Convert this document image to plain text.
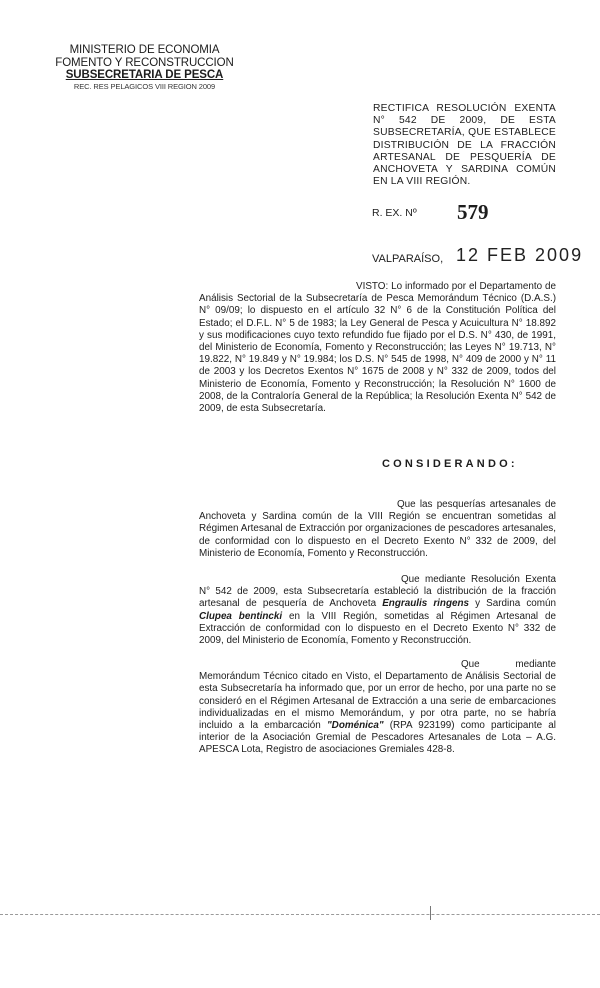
MINISTERIO DE ECONOMIA
FOMENTO Y RECONSTRUCCION
SUBSECRETARIA DE PESCA
REC. RES PELAGICOS VIII REGION 2009
RECTIFICA RESOLUCIÓN EXENTA N° 542 DE 2009, DE ESTA SUBSECRETARÍA, QUE ESTABLECE DISTRIBUCIÓN DE LA FRACCIÓN ARTESANAL DE PESQUERÍA DE ANCHOVETA Y SARDINA COMÚN EN LA VIII REGIÓN.
R. EX. Nº 579
VALPARAÍSO, 12 FEB 2009
VISTO: Lo informado por el Departamento de Análisis Sectorial de la Subsecretaría de Pesca Memorándum Técnico (D.A.S.) N° 09/09; lo dispuesto en el artículo 32 N° 6 de la Constitución Política del Estado; el D.F.L. N° 5 de 1983; la Ley General de Pesca y Acuicultura N° 18.892 y sus modificaciones cuyo texto refundido fue fijado por el D.S. N° 430, de 1991, del Ministerio de Economía, Fomento y Reconstrucción; las Leyes N° 19.713, N° 19.822, N° 19.849 y N° 19.984; los D.S. N° 545 de 1998, N° 409 de 2000 y N° 11 de 2003 y los Decretos Exentos N° 1675 de 2008 y N° 332 de 2009, todos del Ministerio de Economía, Fomento y Reconstrucción; la Resolución N° 1600 de 2008, de la Contraloría General de la República; la Resolución Exenta N° 542 de 2009, de esta Subsecretaría.
CONSIDERANDO:
Que las pesquerías artesanales de Anchoveta y Sardina común de la VIII Región se encuentran sometidas al Régimen Artesanal de Extracción por organizaciones de pescadores artesanales, de conformidad con lo dispuesto en el Decreto Exento N° 332 de 2009, del Ministerio de Economía, Fomento y Reconstrucción.
Que mediante Resolución Exenta N° 542 de 2009, esta Subsecretaría estableció la distribución de la fracción artesanal de pesquería de Anchoveta Engraulis ringens y Sardina común Clupea bentincki en la VIII Región, sometidas al Régimen Artesanal de Extracción de conformidad con lo dispuesto en el Decreto Exento N° 332 de 2009, del Ministerio de Economía, Fomento y Reconstrucción.
Que mediante Memorándum Técnico citado en Visto, el Departamento de Análisis Sectorial de esta Subsecretaría ha informado que, por un error de hecho, por una parte no se consideró en el Régimen Artesanal de Extracción a una serie de embarcaciones individualizadas en el mismo Memorándum, y por otra parte, no se habría incluido a la embarcación "Doménica" (RPA 923199) como participante al interior de la Asociación Gremial de Pescadores Artesanales de Lota – A.G. APESCA Lota, Registro de asociaciones Gremiales 428-8.
